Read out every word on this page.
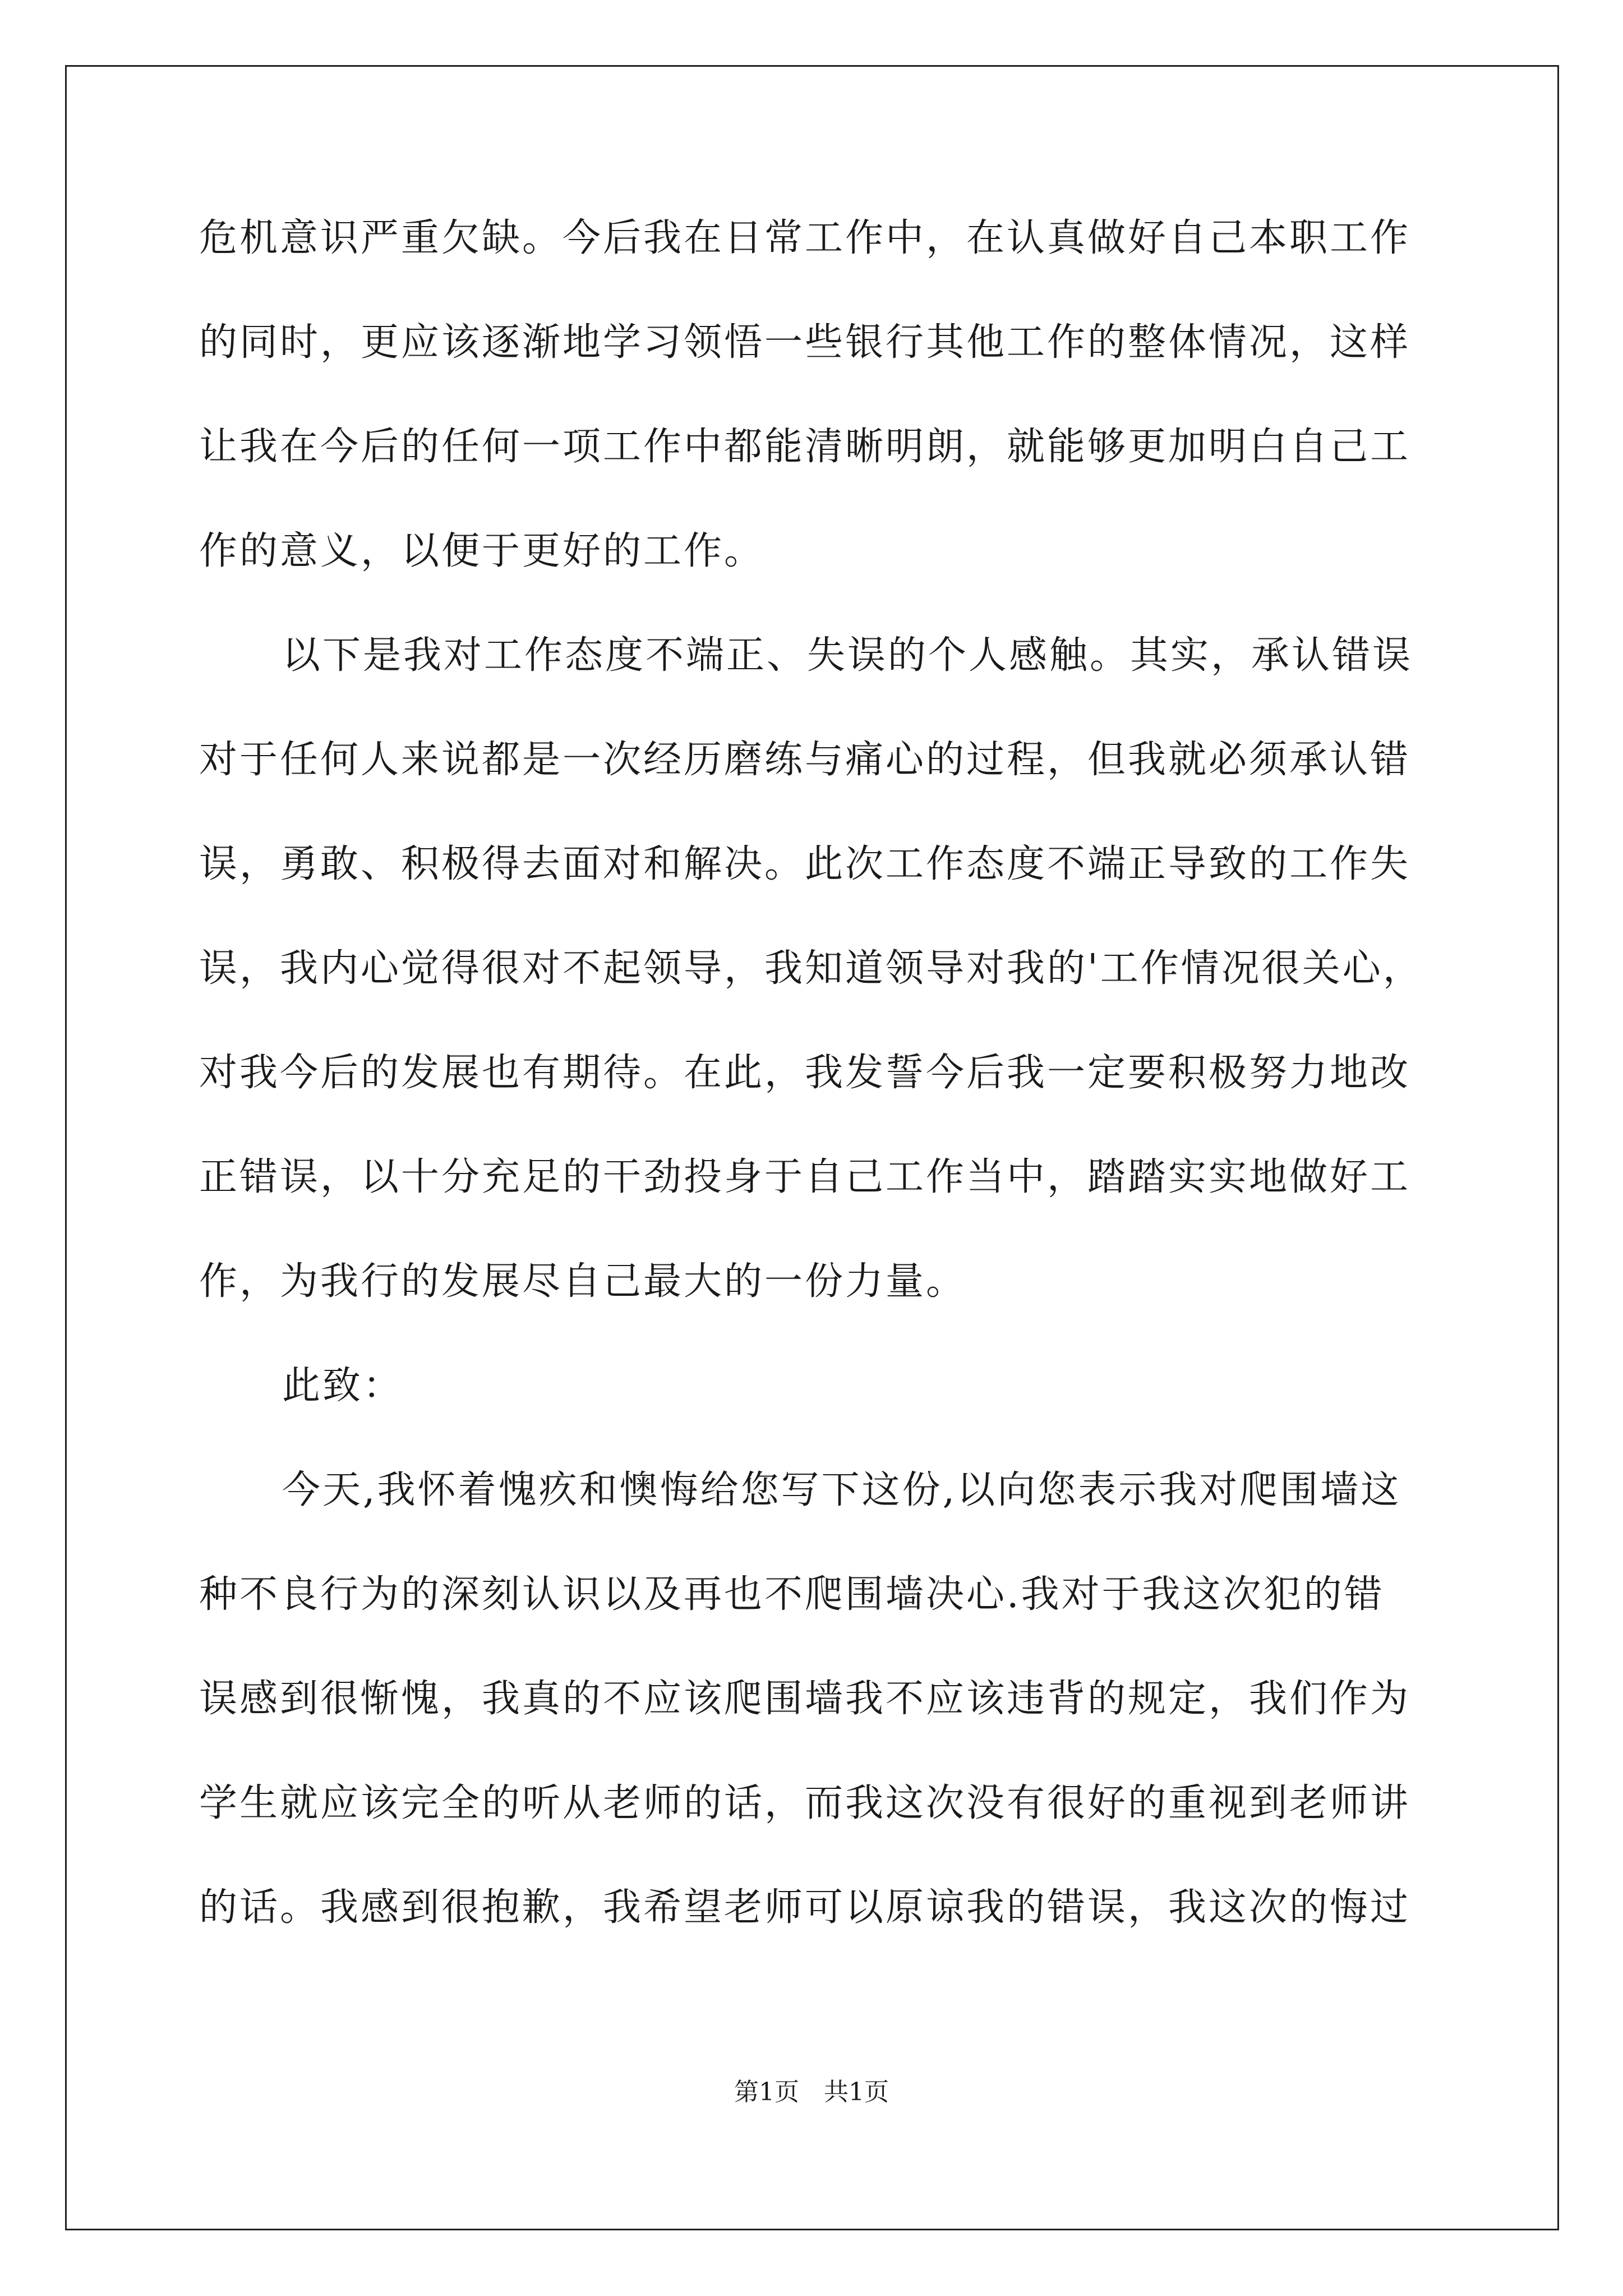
危机意识严重欠缺。今后我在日常工作中，在认真做好自己本职工作
的同时，更应该逐渐地学习领悟一些银行其他工作的整体情况，这样
让我在今后的任何一项工作中都能清晰明朗，就能够更加明白自己工
作的意义，以便于更好的工作。
以下是我对工作态度不端正、失误的个人感触。其实，承认错误
对于任何人来说都是一次经历磨练与痛心的过程，但我就必须承认错
误，勇敢、积极得去面对和解决。此次工作态度不端正导致的工作失
误，我内心觉得很对不起领导，我知道领导对我的'工作情况很关心，
对我今后的发展也有期待。在此，我发誓今后我一定要积极努力地改
正错误，以十分充足的干劲投身于自己工作当中，踏踏实实地做好工
作，为我行的发展尽自己最大的一份力量。
此致：
今天,我怀着愧疚和懊悔给您写下这份,以向您表示我对爬围墙这
种不良行为的深刻认识以及再也不爬围墙决心.我对于我这次犯的错
误感到很惭愧，我真的不应该爬围墙我不应该违背的规定，我们作为
学生就应该完全的听从老师的话，而我这次没有很好的重视到老师讲
的话。我感到很抱歉，我希望老师可以原谅我的错误，我这次的悔过
第1页　共1页
